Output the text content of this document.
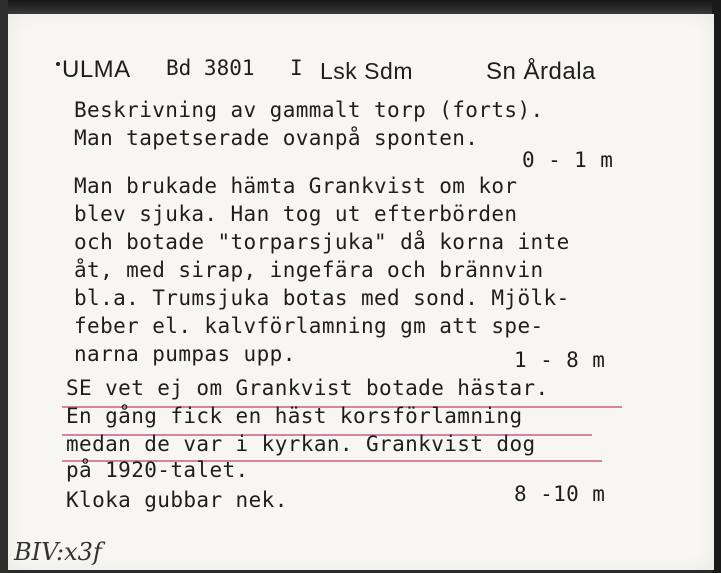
ULMA Bd 3801 I Lsk Sdm	Sn Årdala
Beskrivning av gammalt torp (forts).
Man tapetserade ovanpå sponten.
0 - 1 m
Man brukade hämta Grankvist om kor
blev sjuka. Han tog ut efterbörden
och botade "torparsjuka" då korna inte
åt, med sirap, ingefära och brännvin
bl.a. Trumsjuka botas med sond. Mjölk-
feber el. kalvförlamning gm att spe-
narna pumpas upp.	1 - 8 m
SE vet ej om Grankvist botade hästar.
En gång fick en häst korsförlamning
medan de var i kyrkan. Grankvist dog
på 1920-talet.
Kloka gubbar nek.	8 -10 m
BIV:x3f
